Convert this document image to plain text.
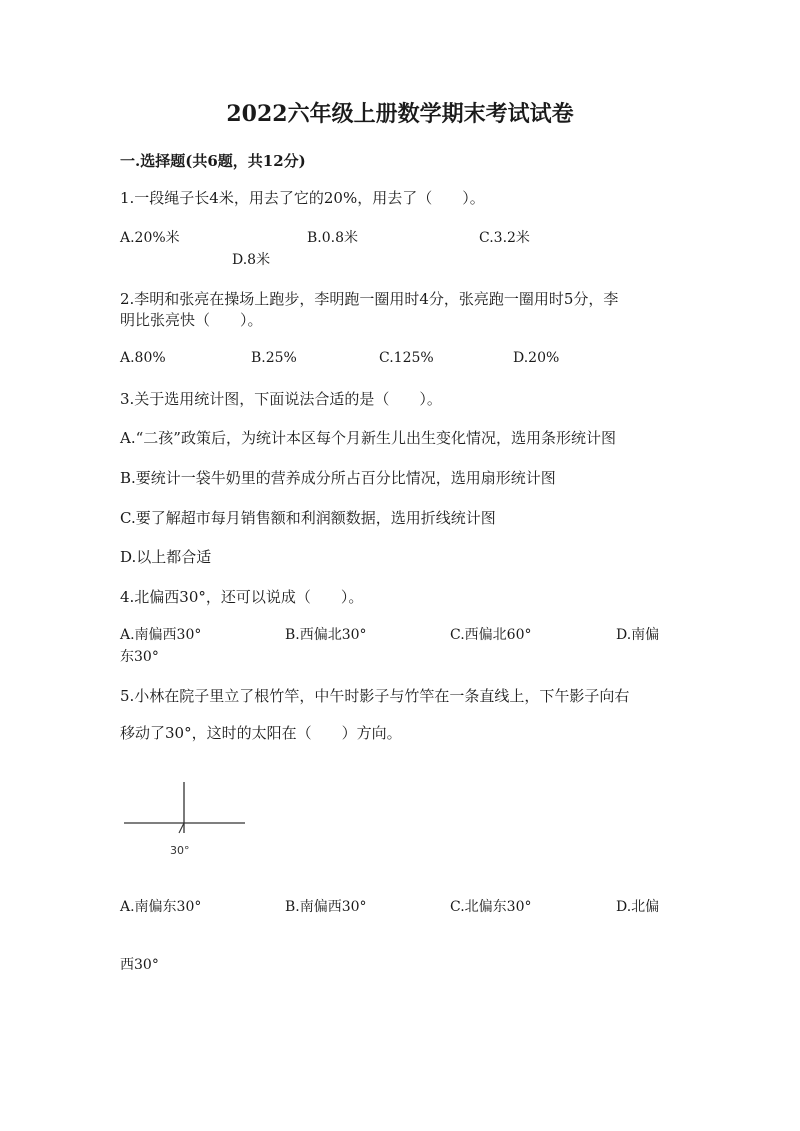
2022六年级上册数学期末考试试卷
一.选择题(共6题，共12分)
1.一段绳子长4米，用去了它的20%，用去了（　　）。
A.20%米	B.0.8米	C.3.2米
D.8米
2.李明和张亮在操场上跑步，李明跑一圈用时4分，张亮跑一圈用时5分，李
明比张亮快（　　）。
A.80%	B.25%	C.125%	D.20%
3.关于选用统计图，下面说法合适的是（　　）。
A.“二孩”政策后，为统计本区每个月新生儿出生变化情况，选用条形统计图
B.要统计一袋牛奶里的营养成分所占百分比情况，选用扇形统计图
C.要了解超市每月销售额和利润额数据，选用折线统计图
D.以上都合适
4.北偏西30°，还可以说成（　　）。
A.南偏西30°	B.西偏北30°	C.西偏北60°	D.南偏
东30°
5.小林在院子里立了根竹竿，中午时影子与竹竿在一条直线上，下午影子向右
移动了30°，这时的太阳在（　　）方向。
30°
A.南偏东30°	B.南偏西30°	C.北偏东30°	D.北偏
西30°
